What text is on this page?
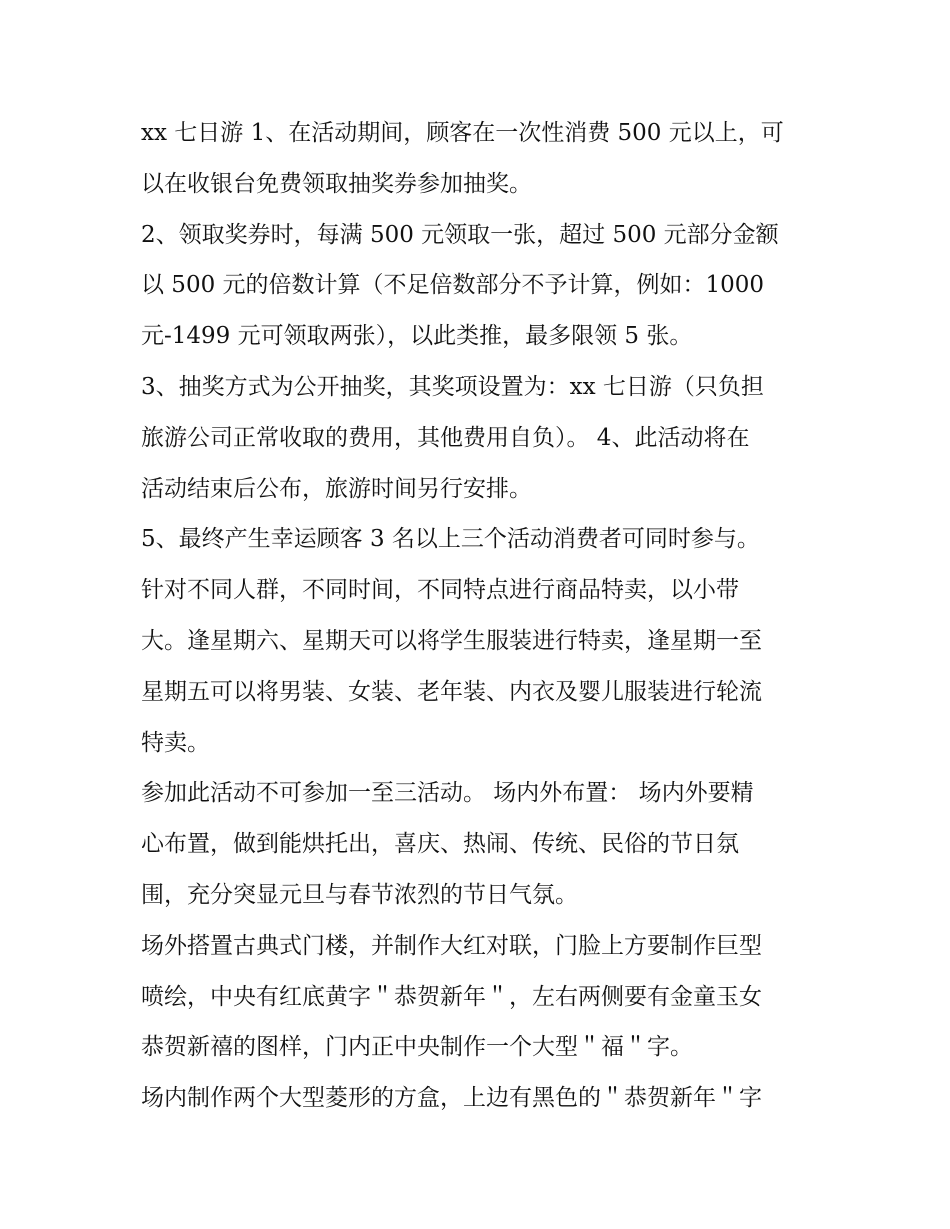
xx 七日游 1、在活动期间，顾客在一次性消费 500 元以上，可
以在收银台免费领取抽奖券参加抽奖。
2、领取奖券时，每满 500 元领取一张，超过 500 元部分金额
以 500 元的倍数计算（不足倍数部分不予计算，例如：1000
元-1499 元可领取两张），以此类推，最多限领 5 张。
3、抽奖方式为公开抽奖，其奖项设置为：xx 七日游（只负担
旅游公司正常收取的费用，其他费用自负）。 4、此活动将在
活动结束后公布，旅游时间另行安排。
5、最终产生幸运顾客 3 名以上三个活动消费者可同时参与。
针对不同人群，不同时间，不同特点进行商品特卖，以小带
大。逢星期六、星期天可以将学生服装进行特卖，逢星期一至
星期五可以将男装、女装、老年装、内衣及婴儿服装进行轮流
特卖。
参加此活动不可参加一至三活动。 场内外布置： 场内外要精
心布置，做到能烘托出，喜庆、热闹、传统、民俗的节日氛
围，充分突显元旦与春节浓烈的节日气氛。
场外搭置古典式门楼，并制作大红对联，门脸上方要制作巨型
喷绘，中央有红底黄字＂恭贺新年＂，左右两侧要有金童玉女
恭贺新禧的图样，门内正中央制作一个大型＂福＂字。
场内制作两个大型菱形的方盒，上边有黑色的＂恭贺新年＂字
